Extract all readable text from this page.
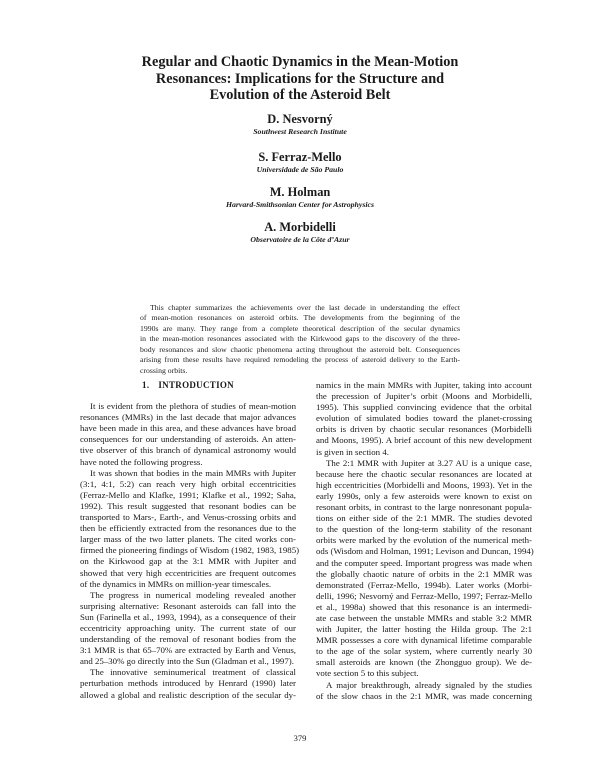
Regular and Chaotic Dynamics in the Mean-Motion
Resonances: Implications for the Structure and
Evolution of the Asteroid Belt
D. Nesvorný
Southwest Research Institute
S. Ferraz-Mello
Universidade de São Paulo
M. Holman
Harvard-Smithsonian Center for Astrophysics
A. Morbidelli
Observatoire de la Côte d’Azur
This chapter summarizes the achievements over the last decade in understanding the effect
of mean-motion resonances on asteroid orbits. The developments from the beginning of the
1990s are many. They range from a complete theoretical description of the secular dynamics
in the mean-motion resonances associated with the Kirkwood gaps to the discovery of the three-
body resonances and slow chaotic phenomena acting throughout the asteroid belt. Consequences
arising from these results have required remodeling the process of asteroid delivery to the Earth-
crossing orbits.
1. INTRODUCTION
It is evident from the plethora of studies of mean-motion
resonances (MMRs) in the last decade that major advances
have been made in this area, and these advances have broad
consequences for our understanding of asteroids. An atten-
tive observer of this branch of dynamical astronomy would
have noted the following progress.
It was shown that bodies in the main MMRs with Jupiter
(3:1, 4:1, 5:2) can reach very high orbital eccentricities
(Ferraz-Mello and Klafke, 1991; Klafke et al., 1992; Saha,
1992). This result suggested that resonant bodies can be
transported to Mars-, Earth-, and Venus-crossing orbits and
then be efficiently extracted from the resonances due to the
larger mass of the two latter planets. The cited works con-
firmed the pioneering findings of Wisdom (1982, 1983, 1985)
on the Kirkwood gap at the 3:1 MMR with Jupiter and
showed that very high eccentricities are frequent outcomes
of the dynamics in MMRs on million-year timescales.
The progress in numerical modeling revealed another
surprising alternative: Resonant asteroids can fall into the
Sun (Farinella et al., 1993, 1994), as a consequence of their
eccentricity approaching unity. The current state of our
understanding of the removal of resonant bodies from the
3:1 MMR is that 65–70% are extracted by Earth and Venus,
and 25–30% go directly into the Sun (Gladman et al., 1997).
The innovative seminumerical treatment of classical
perturbation methods introduced by Henrard (1990) later
allowed a global and realistic description of the secular dy-
namics in the main MMRs with Jupiter, taking into account
the precession of Jupiter’s orbit (Moons and Morbidelli,
1995). This supplied convincing evidence that the orbital
evolution of simulated bodies toward the planet-crossing
orbits is driven by chaotic secular resonances (Morbidelli
and Moons, 1995). A brief account of this new development
is given in section 4.
The 2:1 MMR with Jupiter at 3.27 AU is a unique case,
because here the chaotic secular resonances are located at
high eccentricities (Morbidelli and Moons, 1993). Yet in the
early 1990s, only a few asteroids were known to exist on
resonant orbits, in contrast to the large nonresonant popula-
tions on either side of the 2:1 MMR. The studies devoted
to the question of the long-term stability of the resonant
orbits were marked by the evolution of the numerical meth-
ods (Wisdom and Holman, 1991; Levison and Duncan, 1994)
and the computer speed. Important progress was made when
the globally chaotic nature of orbits in the 2:1 MMR was
demonstrated (Ferraz-Mello, 1994b). Later works (Morbi-
delli, 1996; Nesvorný and Ferraz-Mello, 1997; Ferraz-Mello
et al., 1998a) showed that this resonance is an intermedi-
ate case between the unstable MMRs and stable 3:2 MMR
with Jupiter, the latter hosting the Hilda group. The 2:1
MMR possesses a core with dynamical lifetime comparable
to the age of the solar system, where currently nearly 30
small asteroids are known (the Zhongguo group). We de-
vote section 5 to this subject.
A major breakthrough, already signaled by the studies
of the slow chaos in the 2:1 MMR, was made concerning
379
